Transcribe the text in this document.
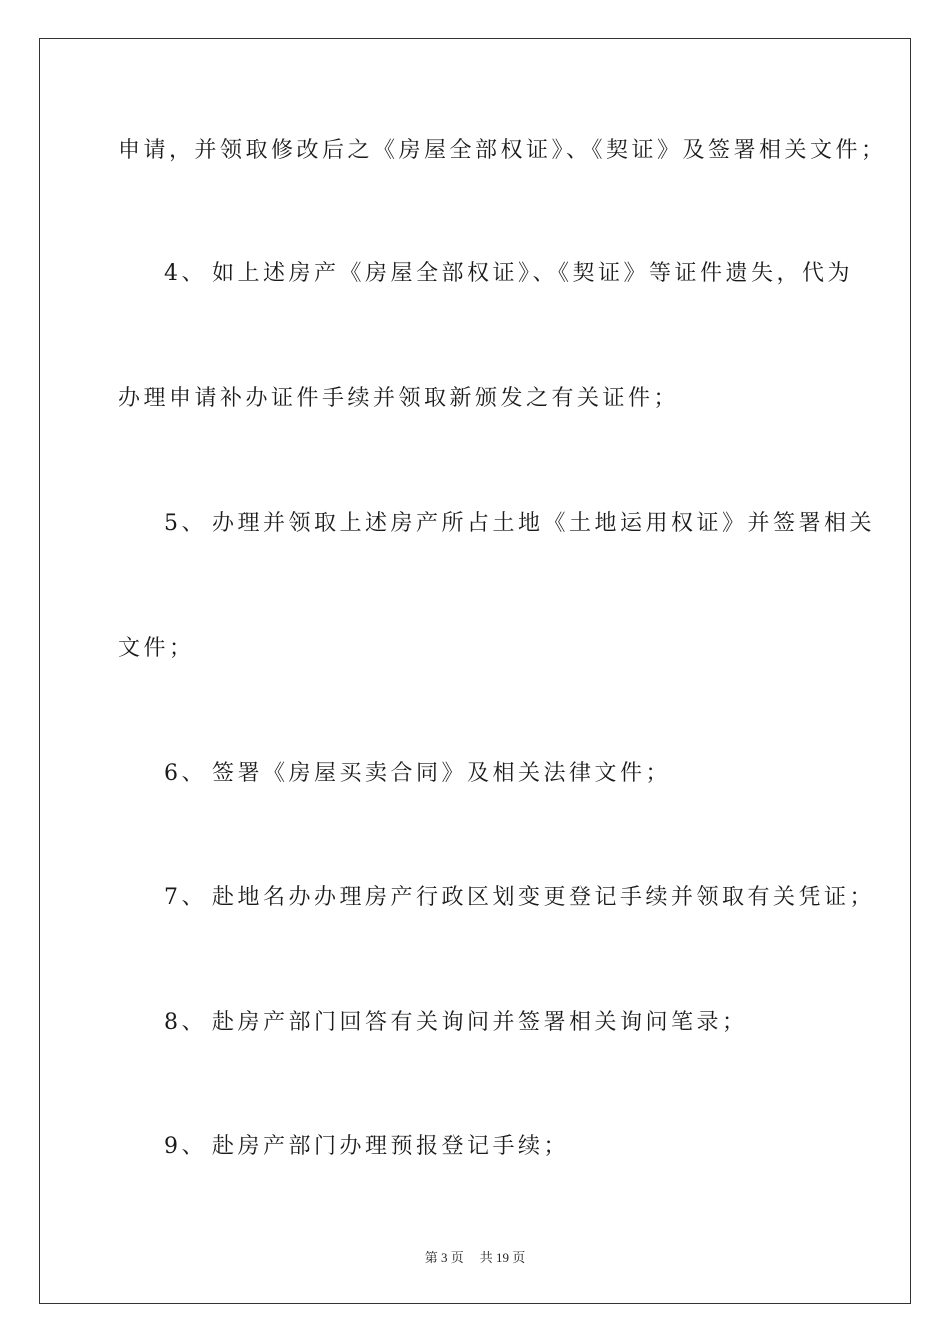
申请，并领取修改后之《房屋全部权证》、《契证》及签署相关文件；
4、 如上述房产《房屋全部权证》、《契证》等证件遗失，代为
办理申请补办证件手续并领取新颁发之有关证件；
5、 办理并领取上述房产所占土地《土地运用权证》并签署相关
文件；
6、 签署《房屋买卖合同》及相关法律文件；
7、 赴地名办办理房产行政区划变更登记手续并领取有关凭证；
8、 赴房产部门回答有关询问并签署相关询问笔录；
9、 赴房产部门办理预报登记手续；
第 3 页 共 19 页
